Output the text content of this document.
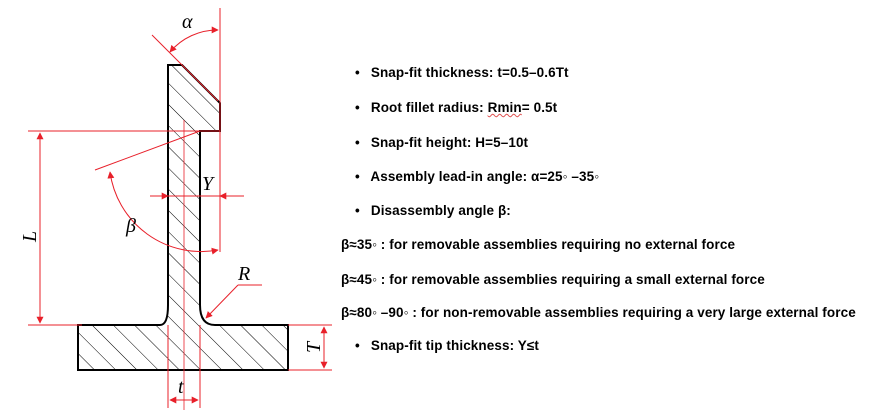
α
L	β
Y
R
T
t
• Snap-fit thickness: t=0.5–0.6Tt
• Root fillet radius: Rmin= 0.5t
• Snap-fit height: H=5–10t
• Assembly lead-in angle: α=25◦ –35◦
• Disassembly angle β:
β≈35◦ : for removable assemblies requiring no external force
β≈45◦ : for removable assemblies requiring a small external force
β≈80◦ –90◦ : for non-removable assemblies requiring a very large external force
• Snap-fit tip thickness: Y≤t
